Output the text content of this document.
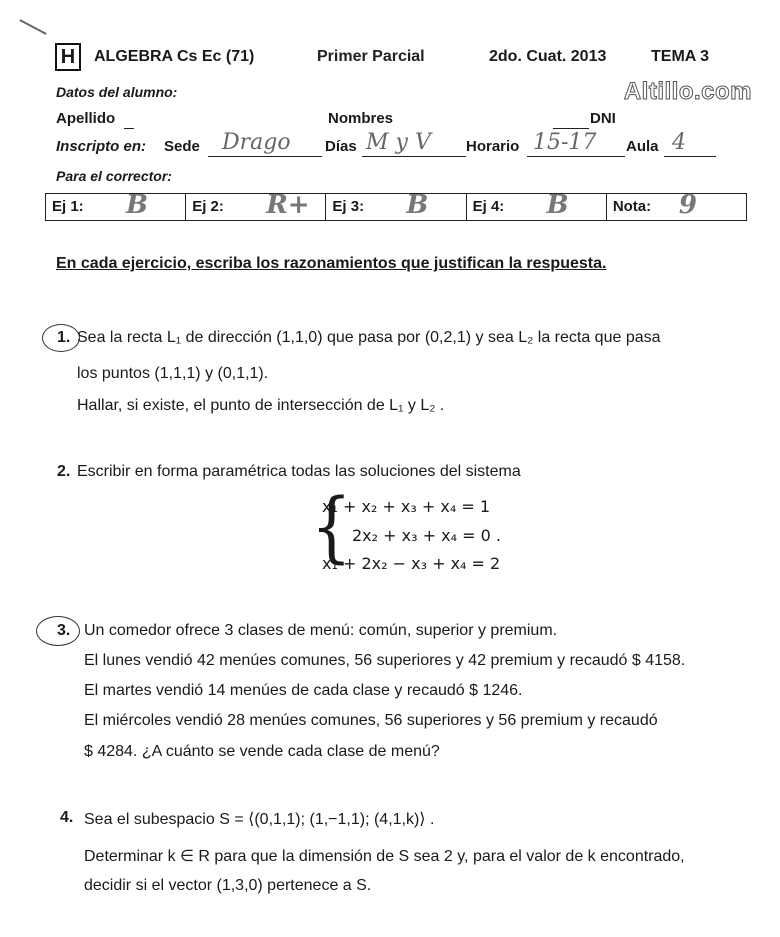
H	ALGEBRA Cs Ec (71)	Primer Parcial	2do. Cuat. 2013	TEMA 3
Altillo.com
Datos del alumno:
Apellido	Nombres	DNI
Inscripto en: Sede Drago Días M y V Horario 15-17 Aula 4
Para el corrector:
Ej 1: B	Ej 2: R+ Ej 3: B	Ej 4: B	Nota: 9
En cada ejercicio, escriba los razonamientos que justifican la respuesta.
1. Sea la recta L₁ de dirección (1,1,0) que pasa por (0,2,1) y sea L₂ la recta que pasa
los puntos (1,1,1) y (0,1,1).
Hallar, si existe, el punto de intersección de L₁ y L₂ .
2. Escribir en forma paramétrica todas las soluciones del sistema
{
x₁ + x₂ + x₃ + x₄ = 1
2x₂ + x₃ + x₄ = 0 .
x₁ + 2x₂ − x₃ + x₄ = 2
3. Un comedor ofrece 3 clases de menú: común, superior y premium.
El lunes vendió 42 menúes comunes, 56 superiores y 42 premium y recaudó $ 4158.
El martes vendió 14 menúes de cada clase y recaudó $ 1246.
El miércoles vendió 28 menúes comunes, 56 superiores y 56 premium y recaudó
$ 4284. ¿A cuánto se vende cada clase de menú?
4. Sea el subespacio S = ⟨(0,1,1); (1,−1,1); (4,1,k)⟩ .
Determinar k ∈ R para que la dimensión de S sea 2 y, para el valor de k encontrado,
decidir si el vector (1,3,0) pertenece a S.
